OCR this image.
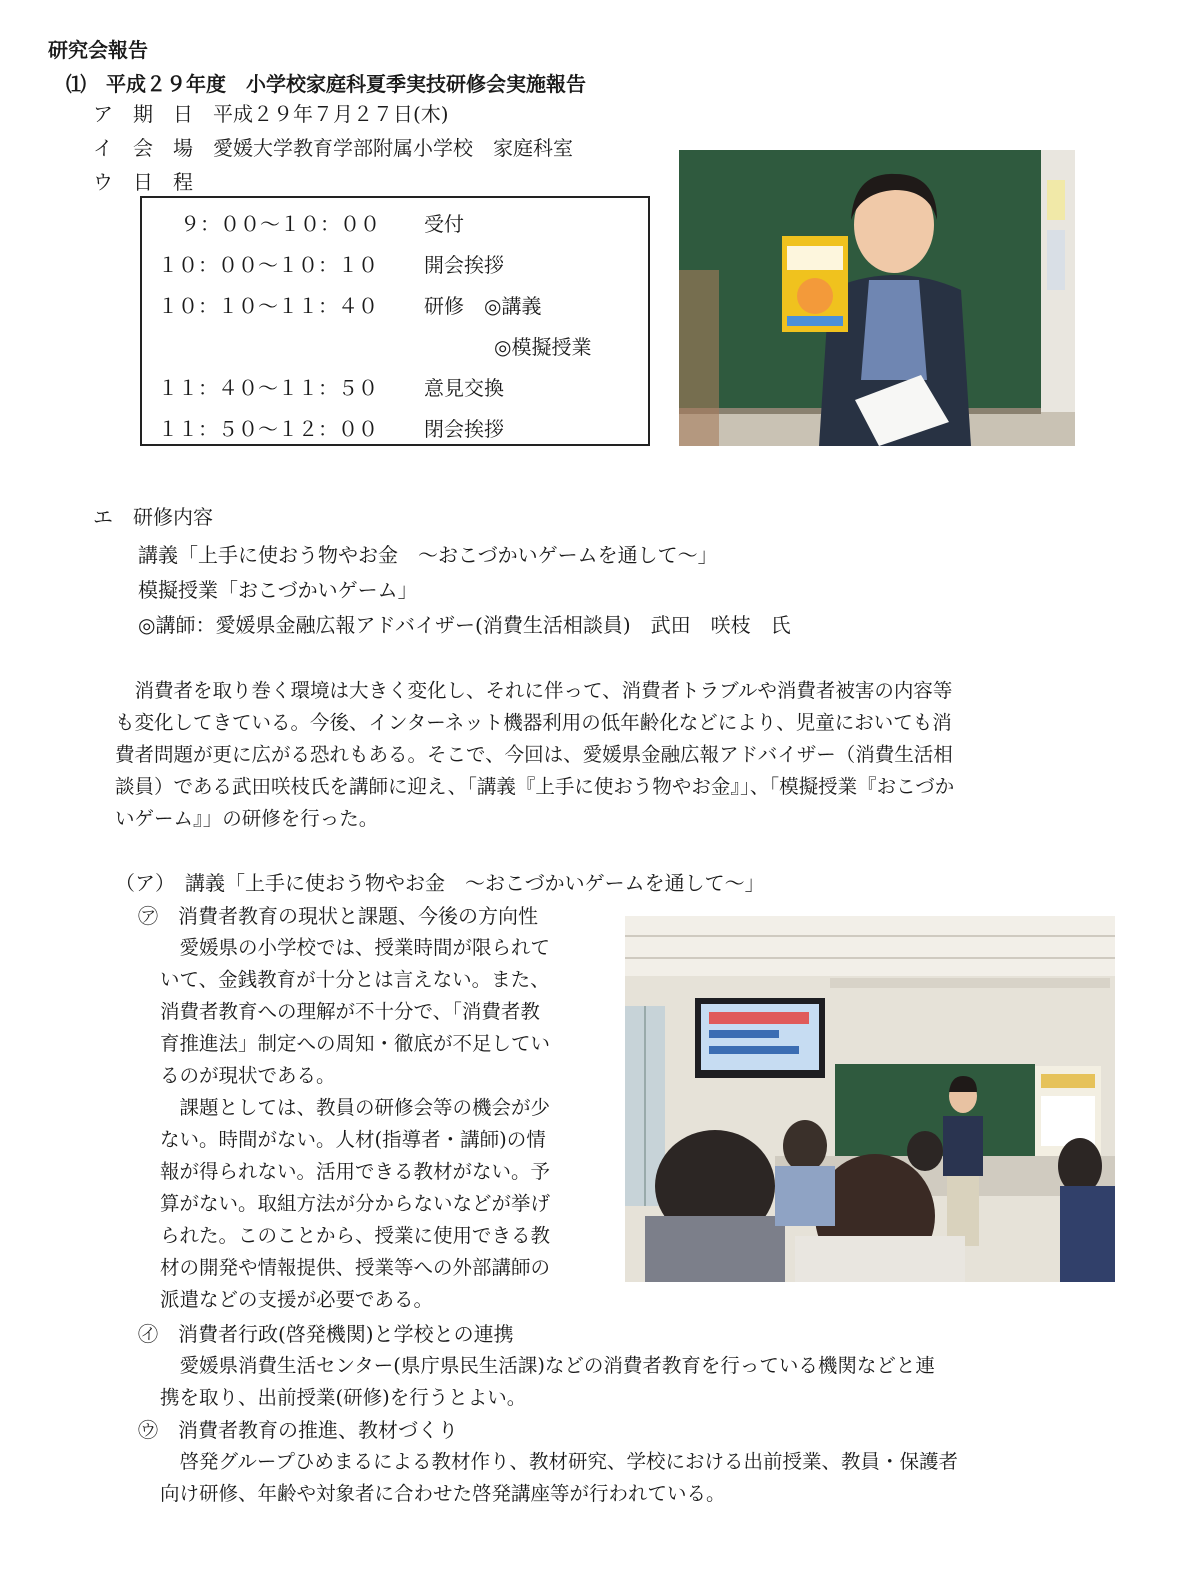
研究会報告
⑴　平成２９年度　小学校家庭科夏季実技研修会実施報告
ア　期　日　平成２９年７月２７日(木)
イ　会　場　愛媛大学教育学部附属小学校　家庭科室
ウ　日　程
９：００～１０：００ 受付
１０：００～１０：１０ 開会挨拶
１０：１０～１１：４０ 研修　◎講義
◎模擬授業
１１：４０～１１：５０ 意見交換
１１：５０～１２：００ 閉会挨拶
エ　研修内容
講義「上手に使おう物やお金　～おこづかいゲームを通して～」
模擬授業「おこづかいゲーム」
◎講師：愛媛県金融広報アドバイザー(消費生活相談員)　武田　咲枝　氏
　消費者を取り巻く環境は大きく変化し、それに伴って、消費者トラブルや消費者被害の内容等
も変化してきている。今後、インターネット機器利用の低年齢化などにより、児童においても消
費者問題が更に広がる恐れもある。そこで、今回は、愛媛県金融広報アドバイザー（消費生活相
談員）である武田咲枝氏を講師に迎え、「講義『上手に使おう物やお金』」、「模擬授業『おこづか
いゲーム』」の研修を行った。
（ア）　講義「上手に使おう物やお金　～おこづかいゲームを通して～」
㋐　消費者教育の現状と課題、今後の方向性
　愛媛県の小学校では、授業時間が限られて
いて、金銭教育が十分とは言えない。また、
消費者教育への理解が不十分で、「消費者教
育推進法」制定への周知・徹底が不足してい
るのが現状である。
　課題としては、教員の研修会等の機会が少
ない。時間がない。人材(指導者・講師)の情
報が得られない。活用できる教材がない。予
算がない。取組方法が分からないなどが挙げ
られた。このことから、授業に使用できる教
材の開発や情報提供、授業等への外部講師の
派遣などの支援が必要である。
㋑　消費者行政(啓発機関)と学校との連携
　愛媛県消費生活センター(県庁県民生活課)などの消費者教育を行っている機関などと連
携を取り、出前授業(研修)を行うとよい。
㋒　消費者教育の推進、教材づくり
　啓発グループひめまるによる教材作り、教材研究、学校における出前授業、教員・保護者
向け研修、年齢や対象者に合わせた啓発講座等が行われている。
